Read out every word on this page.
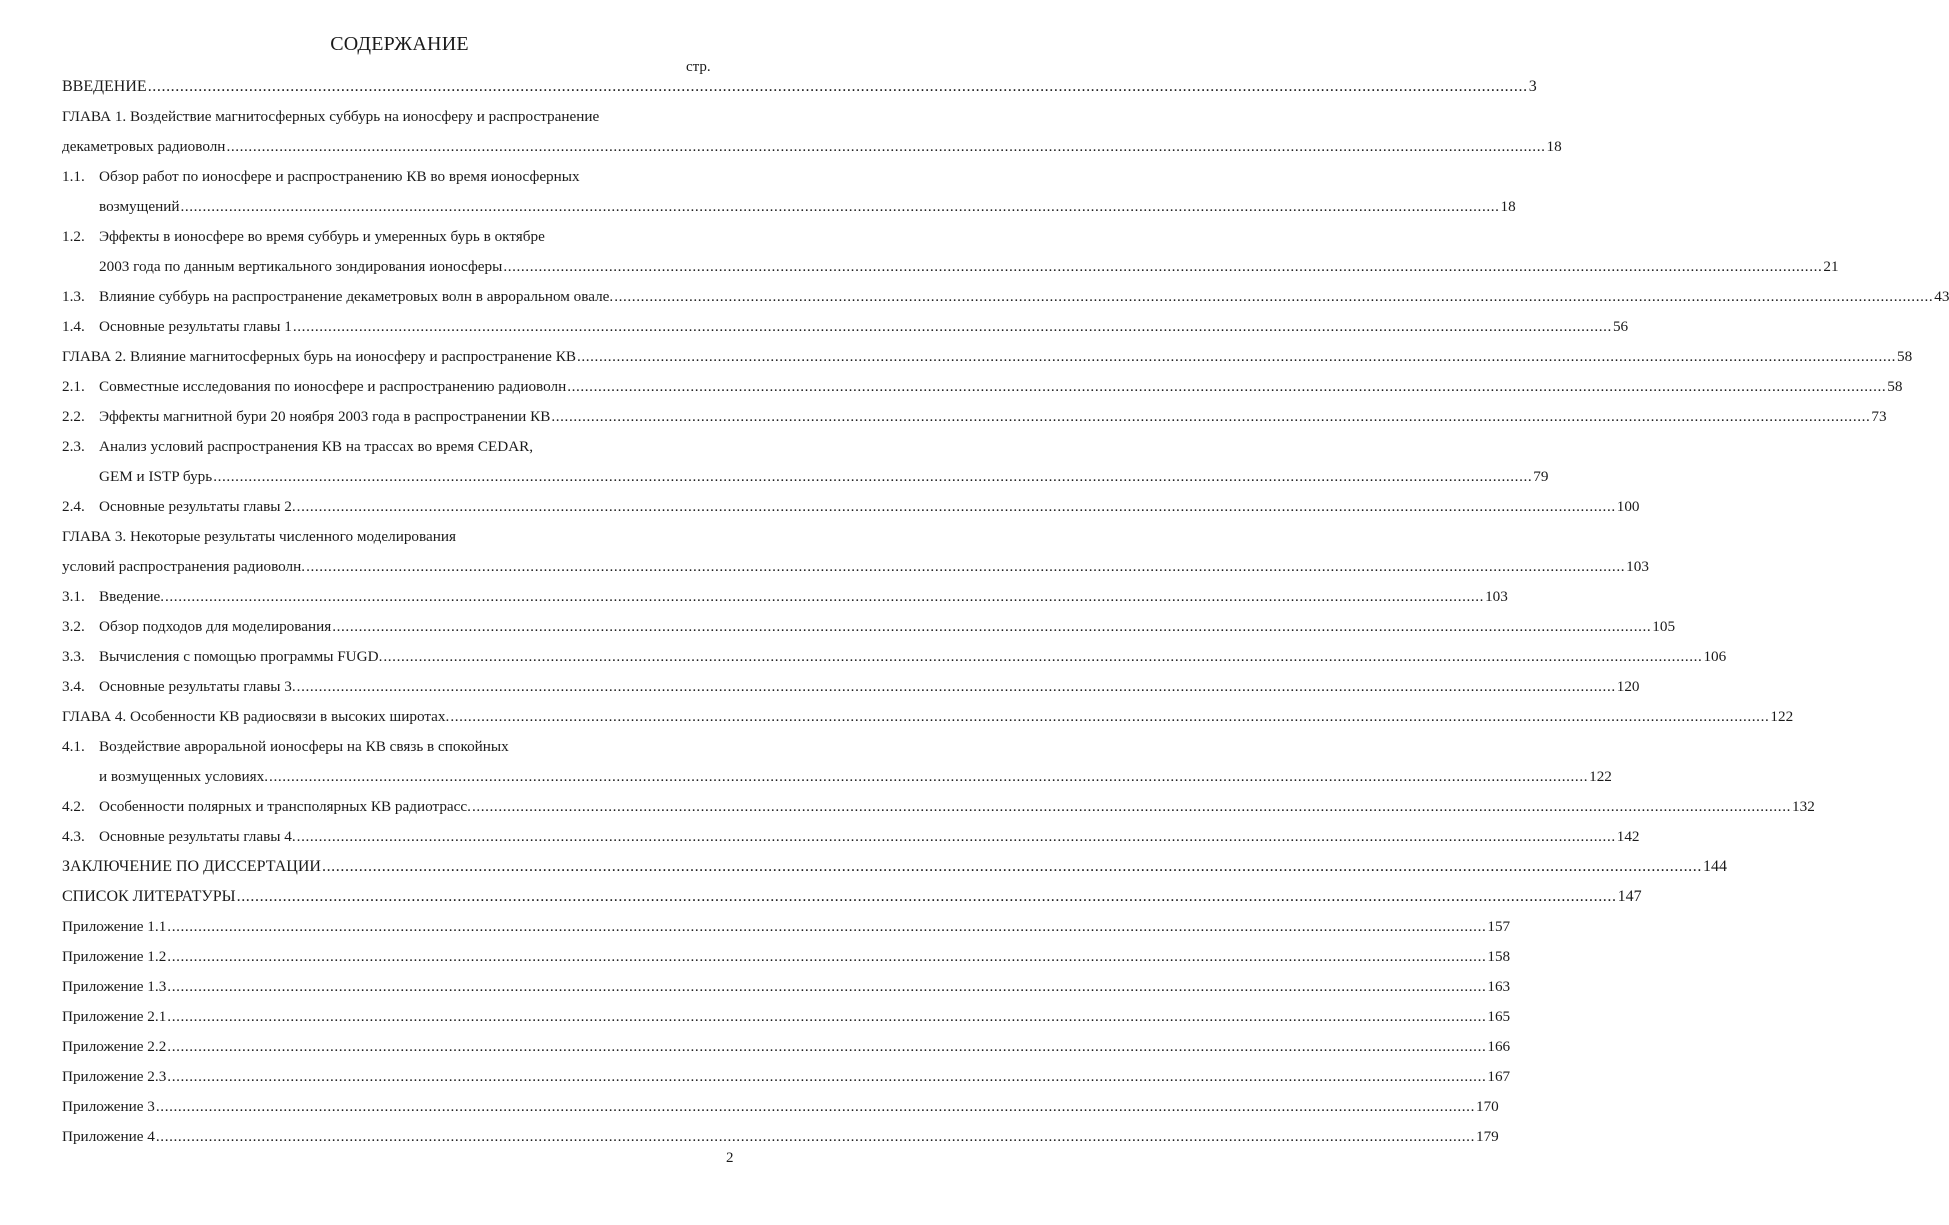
СОДЕРЖАНИЕ
стр.
ВВЕДЕНИЕ ............................................................................................................................................................................................................................................................................................................ 3
ГЛАВА 1. Воздействие магнитосферных суббурь на ионосферу и распространение
декаметровых радиоволн ............................................................................................................................................................................................................................................................................................................ 18
1.1. Обзор работ по ионосфере и распространению КВ во время ионосферных
возмущений ............................................................................................................................................................................................................................................................................................................ 18
1.2. Эффекты в ионосфере во время суббурь и умеренных бурь в октябре
2003 года по данным вертикального зондирования ионосферы ............................................................................................................................................................................................................................................................................................................ 21
1.3. Влияние суббурь на распространение декаметровых волн в авроральном овале. ............................................................................................................................................................................................................................................................................................................ 43
1.4. Основные результаты главы 1 ............................................................................................................................................................................................................................................................................................................ 56
ГЛАВА 2. Влияние магнитосферных бурь на ионосферу и распространение КВ ............................................................................................................................................................................................................................................................................................................ 58
2.1. Совместные исследования по ионосфере и распространению радиоволн ............................................................................................................................................................................................................................................................................................................ 58
2.2. Эффекты магнитной бури 20 ноября 2003 года в распространении КВ ............................................................................................................................................................................................................................................................................................................ 73
2.3. Анализ условий распространения КВ на трассах во время CEDAR,
GEM и ISTP бурь ............................................................................................................................................................................................................................................................................................................ 79
2.4. Основные результаты главы 2. ............................................................................................................................................................................................................................................................................................................ 100
ГЛАВА 3. Некоторые результаты численного моделирования
условий распространения радиоволн. ............................................................................................................................................................................................................................................................................................................ 103
3.1. Введение. ............................................................................................................................................................................................................................................................................................................ 103
3.2. Обзор подходов для моделирования ............................................................................................................................................................................................................................................................................................................ 105
3.3. Вычисления с помощью программы FUGD. ............................................................................................................................................................................................................................................................................................................ 106
3.4. Основные результаты главы 3. ............................................................................................................................................................................................................................................................................................................ 120
ГЛАВА 4. Особенности КВ радиосвязи в высоких широтах. ............................................................................................................................................................................................................................................................................................................ 122
4.1. Воздействие авроральной ионосферы на КВ связь в спокойных
и возмущенных условиях. ............................................................................................................................................................................................................................................................................................................ 122
4.2. Особенности полярных и трансполярных КВ радиотрасс. ............................................................................................................................................................................................................................................................................................................ 132
4.3. Основные результаты главы 4. ............................................................................................................................................................................................................................................................................................................ 142
ЗАКЛЮЧЕНИЕ ПО ДИССЕРТАЦИИ ............................................................................................................................................................................................................................................................................................................ 144
СПИСОК ЛИТЕРАТУРЫ ............................................................................................................................................................................................................................................................................................................ 147
Приложение 1.1 ............................................................................................................................................................................................................................................................................................................ 157
Приложение 1.2 ............................................................................................................................................................................................................................................................................................................ 158
Приложение 1.3 ............................................................................................................................................................................................................................................................................................................ 163
Приложение 2.1 ............................................................................................................................................................................................................................................................................................................ 165
Приложение 2.2 ............................................................................................................................................................................................................................................................................................................ 166
Приложение 2.3 ............................................................................................................................................................................................................................................................................................................ 167
Приложение 3 ............................................................................................................................................................................................................................................................................................................ 170
Приложение 4 ............................................................................................................................................................................................................................................................................................................ 179
2
